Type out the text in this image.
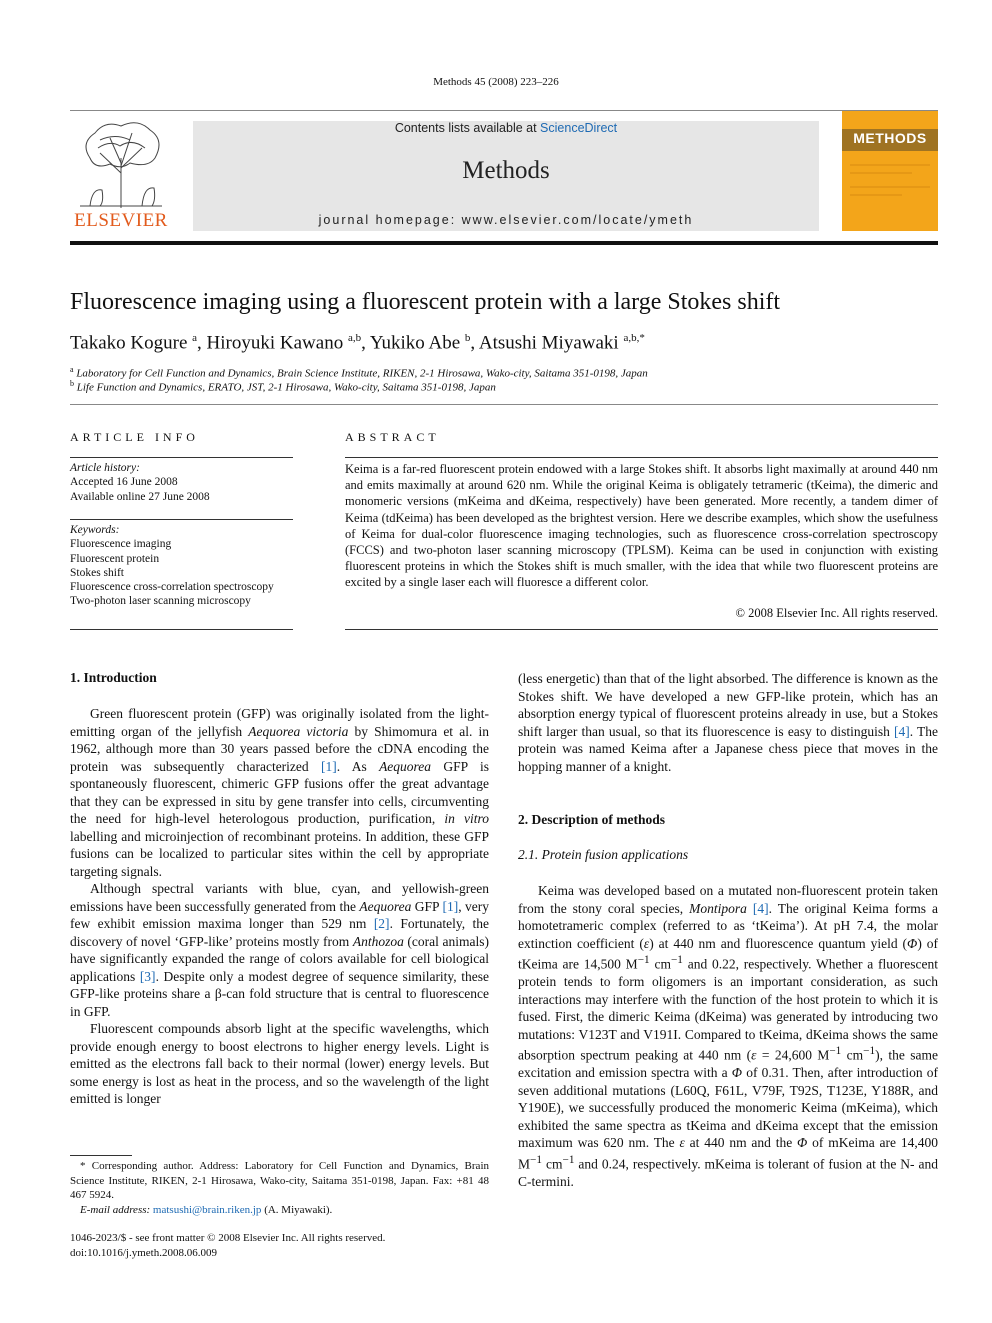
Methods 45 (2008) 223–226
ELSEVIER
Contents lists available at ScienceDirect
Methods
journal homepage: www.elsevier.com/locate/ymeth
METHODS
Fluorescence imaging using a fluorescent protein with a large Stokes shift
Takako Kogure $^a$, Hiroyuki Kawano $^{a,b}$, Yukiko Abe $^b$, Atsushi Miyawaki $^{a,b,*}$
$^a$ Laboratory for Cell Function and Dynamics, Brain Science Institute, RIKEN, 2-1 Hirosawa, Wako-city, Saitama 351-0198, Japan
$^b$ Life Function and Dynamics, ERATO, JST, 2-1 Hirosawa, Wako-city, Saitama 351-0198, Japan
ARTICLE INFO
Article history:
Accepted 16 June 2008
Available online 27 June 2008
Keywords:
Fluorescence imaging
Fluorescent protein
Stokes shift
Fluorescence cross-correlation spectroscopy
Two-photon laser scanning microscopy
ABSTRACT
Keima is a far-red fluorescent protein endowed with a large Stokes shift. It absorbs light maximally at around 440 nm and emits maximally at around 620 nm. While the original Keima is obligately tetrameric (tKeima), the dimeric and monomeric versions (mKeima and dKeima, respectively) have been generated. More recently, a tandem dimer of Keima (tdKeima) has been developed as the brightest version. Here we describe examples, which show the usefulness of Keima for dual-color fluorescence imaging technologies, such as fluorescence cross-correlation spectroscopy (FCCS) and two-photon laser scanning microscopy (TPLSM). Keima can be used in conjunction with existing fluorescent proteins in which the Stokes shift is much smaller, with the idea that while two fluorescent proteins are excited by a single laser each will fluoresce a different color.
© 2008 Elsevier Inc. All rights reserved.
1. Introduction

Green fluorescent protein (GFP) was originally isolated from the light-emitting organ of the jellyfish Aequorea victoria by Shimomura et al. in 1962, although more than 30 years passed before the cDNA encoding the protein was subsequently characterized [1]. As Aequorea GFP is spontaneously fluorescent, chimeric GFP fusions offer the great advantage that they can be expressed in situ by gene transfer into cells, circumventing the need for high-level heterologous production, purification, in vitro labelling and microinjection of recombinant proteins. In addition, these GFP fusions can be localized to particular sites within the cell by appropriate targeting signals.

Although spectral variants with blue, cyan, and yellowish-green emissions have been successfully generated from the Aequorea GFP [1], very few exhibit emission maxima longer than 529 nm [2]. Fortunately, the discovery of novel ‘GFP-like’ proteins mostly from Anthozoa (coral animals) have significantly expanded the range of colors available for cell biological applications [3]. Despite only a modest degree of sequence similarity, these GFP-like proteins share a β-can fold structure that is central to fluorescence in GFP.

Fluorescent compounds absorb light at the specific wavelengths, which provide enough energy to boost electrons to higher energy levels. Light is emitted as the electrons fall back to their normal (lower) energy levels. But some energy is lost as heat in the process, and so the wavelength of the light emitted is longer

* Corresponding author. Address: Laboratory for Cell Function and Dynamics, Brain Science Institute, RIKEN, 2-1 Hirosawa, Wako-city, Saitama 351-0198, Japan. Fax: +81 48 467 5924.

E-mail address: matsushi@brain.riken.jp (A. Miyawaki).

1046-2023/$ - see front matter © 2008 Elsevier Inc. All rights reserved.
doi:10.1016/j.ymeth.2008.06.009

(less energetic) than that of the light absorbed. The difference is known as the Stokes shift. We have developed a new GFP-like protein, which has an absorption energy typical of fluorescent proteins already in use, but a Stokes shift larger than usual, so that its fluorescence is easy to distinguish [4]. The protein was named Keima after a Japanese chess piece that moves in the hopping manner of a knight.

2. Description of methods
2.1. Protein fusion applications

Keima was developed based on a mutated non-fluorescent protein taken from the stony coral species, Montipora [4]. The original Keima forms a homotetrameric complex (referred to as ‘tKeima’). At pH 7.4, the molar extinction coefficient (ε) at 440 nm and fluorescence quantum yield (Φ) of tKeima are 14,500 $M^{-1}$ $cm^{-1}$ and 0.22, respectively. Whether a fluorescent protein tends to form oligomers is an important consideration, as such interactions may interfere with the function of the host protein to which it is fused. First, the dimeric Keima (dKeima) was generated by introducing two mutations: V123T and V191I. Compared to tKeima, dKeima shows the same absorption spectrum peaking at 440 nm (ε = 24,600 $M^{-1}$ $cm^{-1}$), the same excitation and emission spectra with a Φ of 0.31. Then, after introduction of seven additional mutations (L60Q, F61L, V79F, T92S, T123E, Y188R, and Y190E), we successfully produced the monomeric Keima (mKeima), which exhibited the same spectra as tKeima and dKeima except that the emission maximum was 620 nm. The ε at 440 nm and the Φ of mKeima are 14,400 $M^{-1}$ $cm^{-1}$ and 0.24, respectively. mKeima is tolerant of fusion at the N- and C-termini.
